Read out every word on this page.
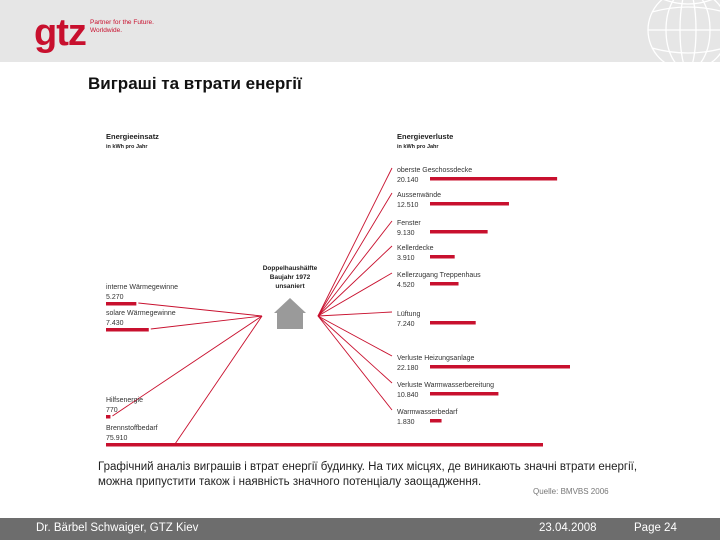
gtz Partner for the Future.
Worldwide.
Виграші та втрати енергії
interne Wärmegewinne
5.270
solare Wärmegewinne
7.430
Hilfsenergie
770
Brennstoffbedarf
75.910
oberste Geschossdecke
20.140
Aussenwände
12.510
Fenster
9.130
Kellerdecke
3.910
Kellerzugang Treppenhaus
4.520
Lüftung
7.240
Verluste Heizungsanlage
22.180
Verluste Warmwasserbereitung
10.840
Warmwasserbedarf
1.830
Energieeinsatz
in kWh pro Jahr
Energieverluste
in kWh pro Jahr
Doppelhaushälfte
Baujahr 1972
unsaniert
Графічний аналіз виграшів і втрат енергії будинку. На тих місцях, де виникають значні втрати енергії, можна припустити також і наявність значного потенціалу заощадження.
Quelle: BMVBS 2006
Dr. Bärbel Schwaiger, GTZ Kiev	23.04.2008	Page 24
